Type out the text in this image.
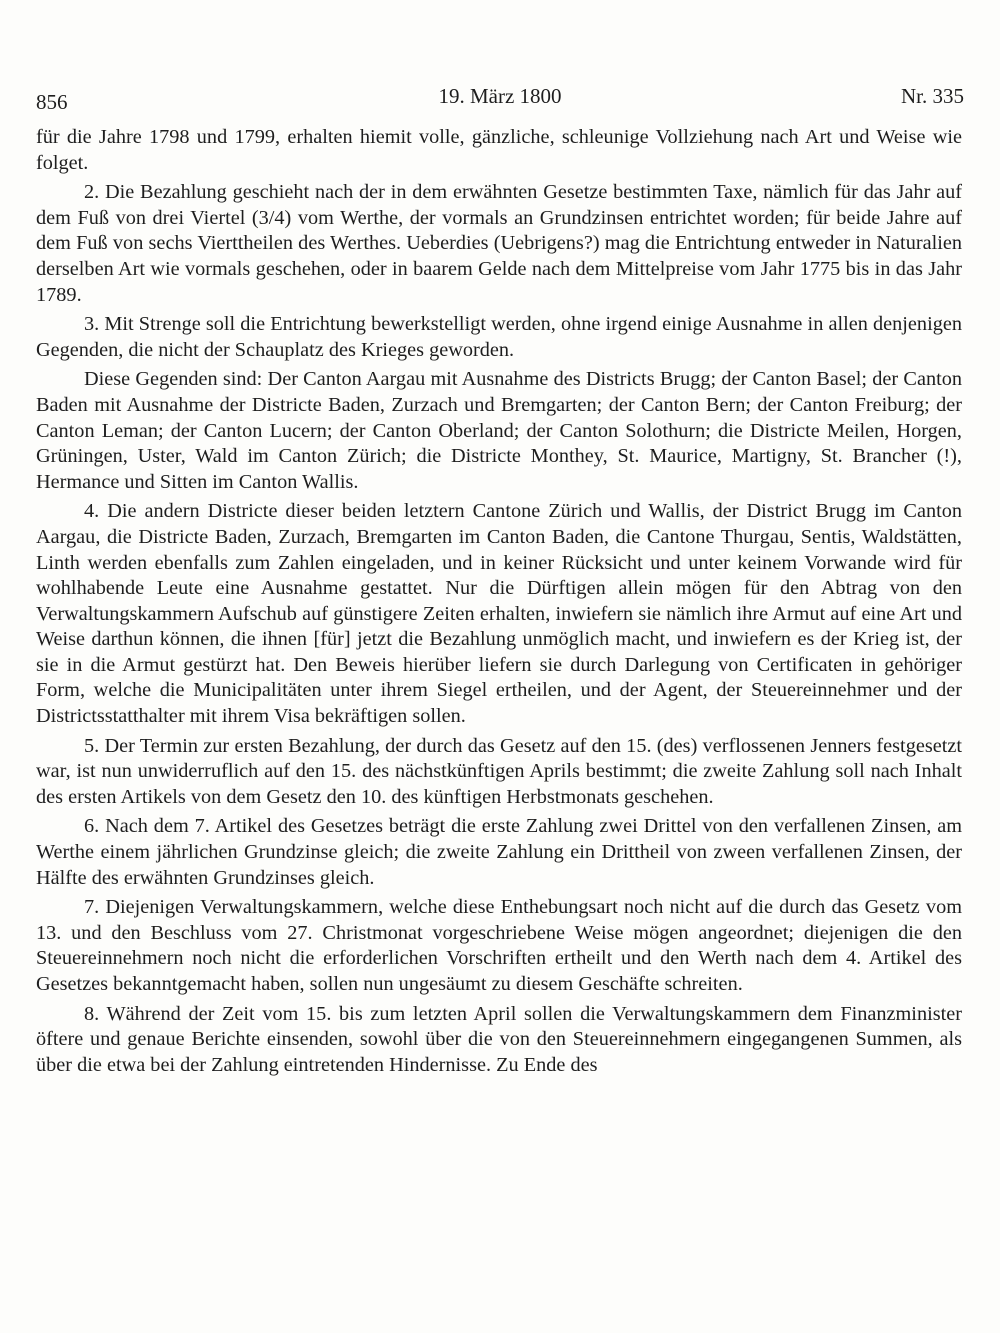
856	19. März 1800	Nr. 335

für die Jahre 1798 und 1799, erhalten hiemit volle, gänzliche, schleunige Vollziehung nach Art und Weise wie folget.

2. Die Bezahlung geschieht nach der in dem erwähnten Gesetze bestimmten Taxe, nämlich für das Jahr auf dem Fuß von drei Viertel (3/4) vom Werthe, der vormals an Grundzinsen entrichtet worden; für beide Jahre auf dem Fuß von sechs Vierttheilen des Werthes. Ueberdies (Uebrigens?) mag die Entrichtung entweder in Naturalien derselben Art wie vormals geschehen, oder in baarem Gelde nach dem Mittelpreise vom Jahr 1775 bis in das Jahr 1789.

3. Mit Strenge soll die Entrichtung bewerkstelligt werden, ohne irgend einige Ausnahme in allen denjenigen Gegenden, die nicht der Schauplatz des Krieges geworden.

Diese Gegenden sind: Der Canton Aargau mit Ausnahme des Districts Brugg; der Canton Basel; der Canton Baden mit Ausnahme der Districte Baden, Zurzach und Bremgarten; der Canton Bern; der Canton Freiburg; der Canton Leman; der Canton Lucern; der Canton Oberland; der Canton Solothurn; die Districte Meilen, Horgen, Grüningen, Uster, Wald im Canton Zürich; die Districte Monthey, St. Maurice, Martigny, St. Brancher (!), Hermance und Sitten im Canton Wallis.

4. Die andern Districte dieser beiden letztern Cantone Zürich und Wallis, der District Brugg im Canton Aargau, die Districte Baden, Zurzach, Bremgarten im Canton Baden, die Cantone Thurgau, Sentis, Waldstätten, Linth werden ebenfalls zum Zahlen eingeladen, und in keiner Rücksicht und unter keinem Vorwande wird für wohlhabende Leute eine Ausnahme gestattet. Nur die Dürftigen allein mögen für den Abtrag von den Verwaltungskammern Aufschub auf günstigere Zeiten erhalten, inwiefern sie nämlich ihre Armut auf eine Art und Weise darthun können, die ihnen [für] jetzt die Bezahlung unmöglich macht, und inwiefern es der Krieg ist, der sie in die Armut gestürzt hat. Den Beweis hierüber liefern sie durch Darlegung von Certificaten in gehöriger Form, welche die Municipalitäten unter ihrem Siegel ertheilen, und der Agent, der Steuereinnehmer und der Districtsstatthalter mit ihrem Visa bekräftigen sollen.

5. Der Termin zur ersten Bezahlung, der durch das Gesetz auf den 15. (des) verflossenen Jenners festgesetzt war, ist nun unwiderruflich auf den 15. des nächstkünftigen Aprils bestimmt; die zweite Zahlung soll nach Inhalt des ersten Artikels von dem Gesetz den 10. des künftigen Herbstmonats geschehen.

6. Nach dem 7. Artikel des Gesetzes beträgt die erste Zahlung zwei Drittel von den verfallenen Zinsen, am Werthe einem jährlichen Grundzinse gleich; die zweite Zahlung ein Drittheil von zween verfallenen Zinsen, der Hälfte des erwähnten Grundzinses gleich.

7. Diejenigen Verwaltungskammern, welche diese Enthebungsart noch nicht auf die durch das Gesetz vom 13. und den Beschluss vom 27. Christmonat vorgeschriebene Weise mögen angeordnet; diejenigen die den Steuereinnehmern noch nicht die erforderlichen Vorschriften ertheilt und den Werth nach dem 4. Artikel des Gesetzes bekanntgemacht haben, sollen nun ungesäumt zu diesem Geschäfte schreiten.

8. Während der Zeit vom 15. bis zum letzten April sollen die Verwaltungskammern dem Finanzminister öftere und genaue Berichte einsenden, sowohl über die von den Steuereinnehmern eingegangenen Summen, als über die etwa bei der Zahlung eintretenden Hindernisse. Zu Ende des
